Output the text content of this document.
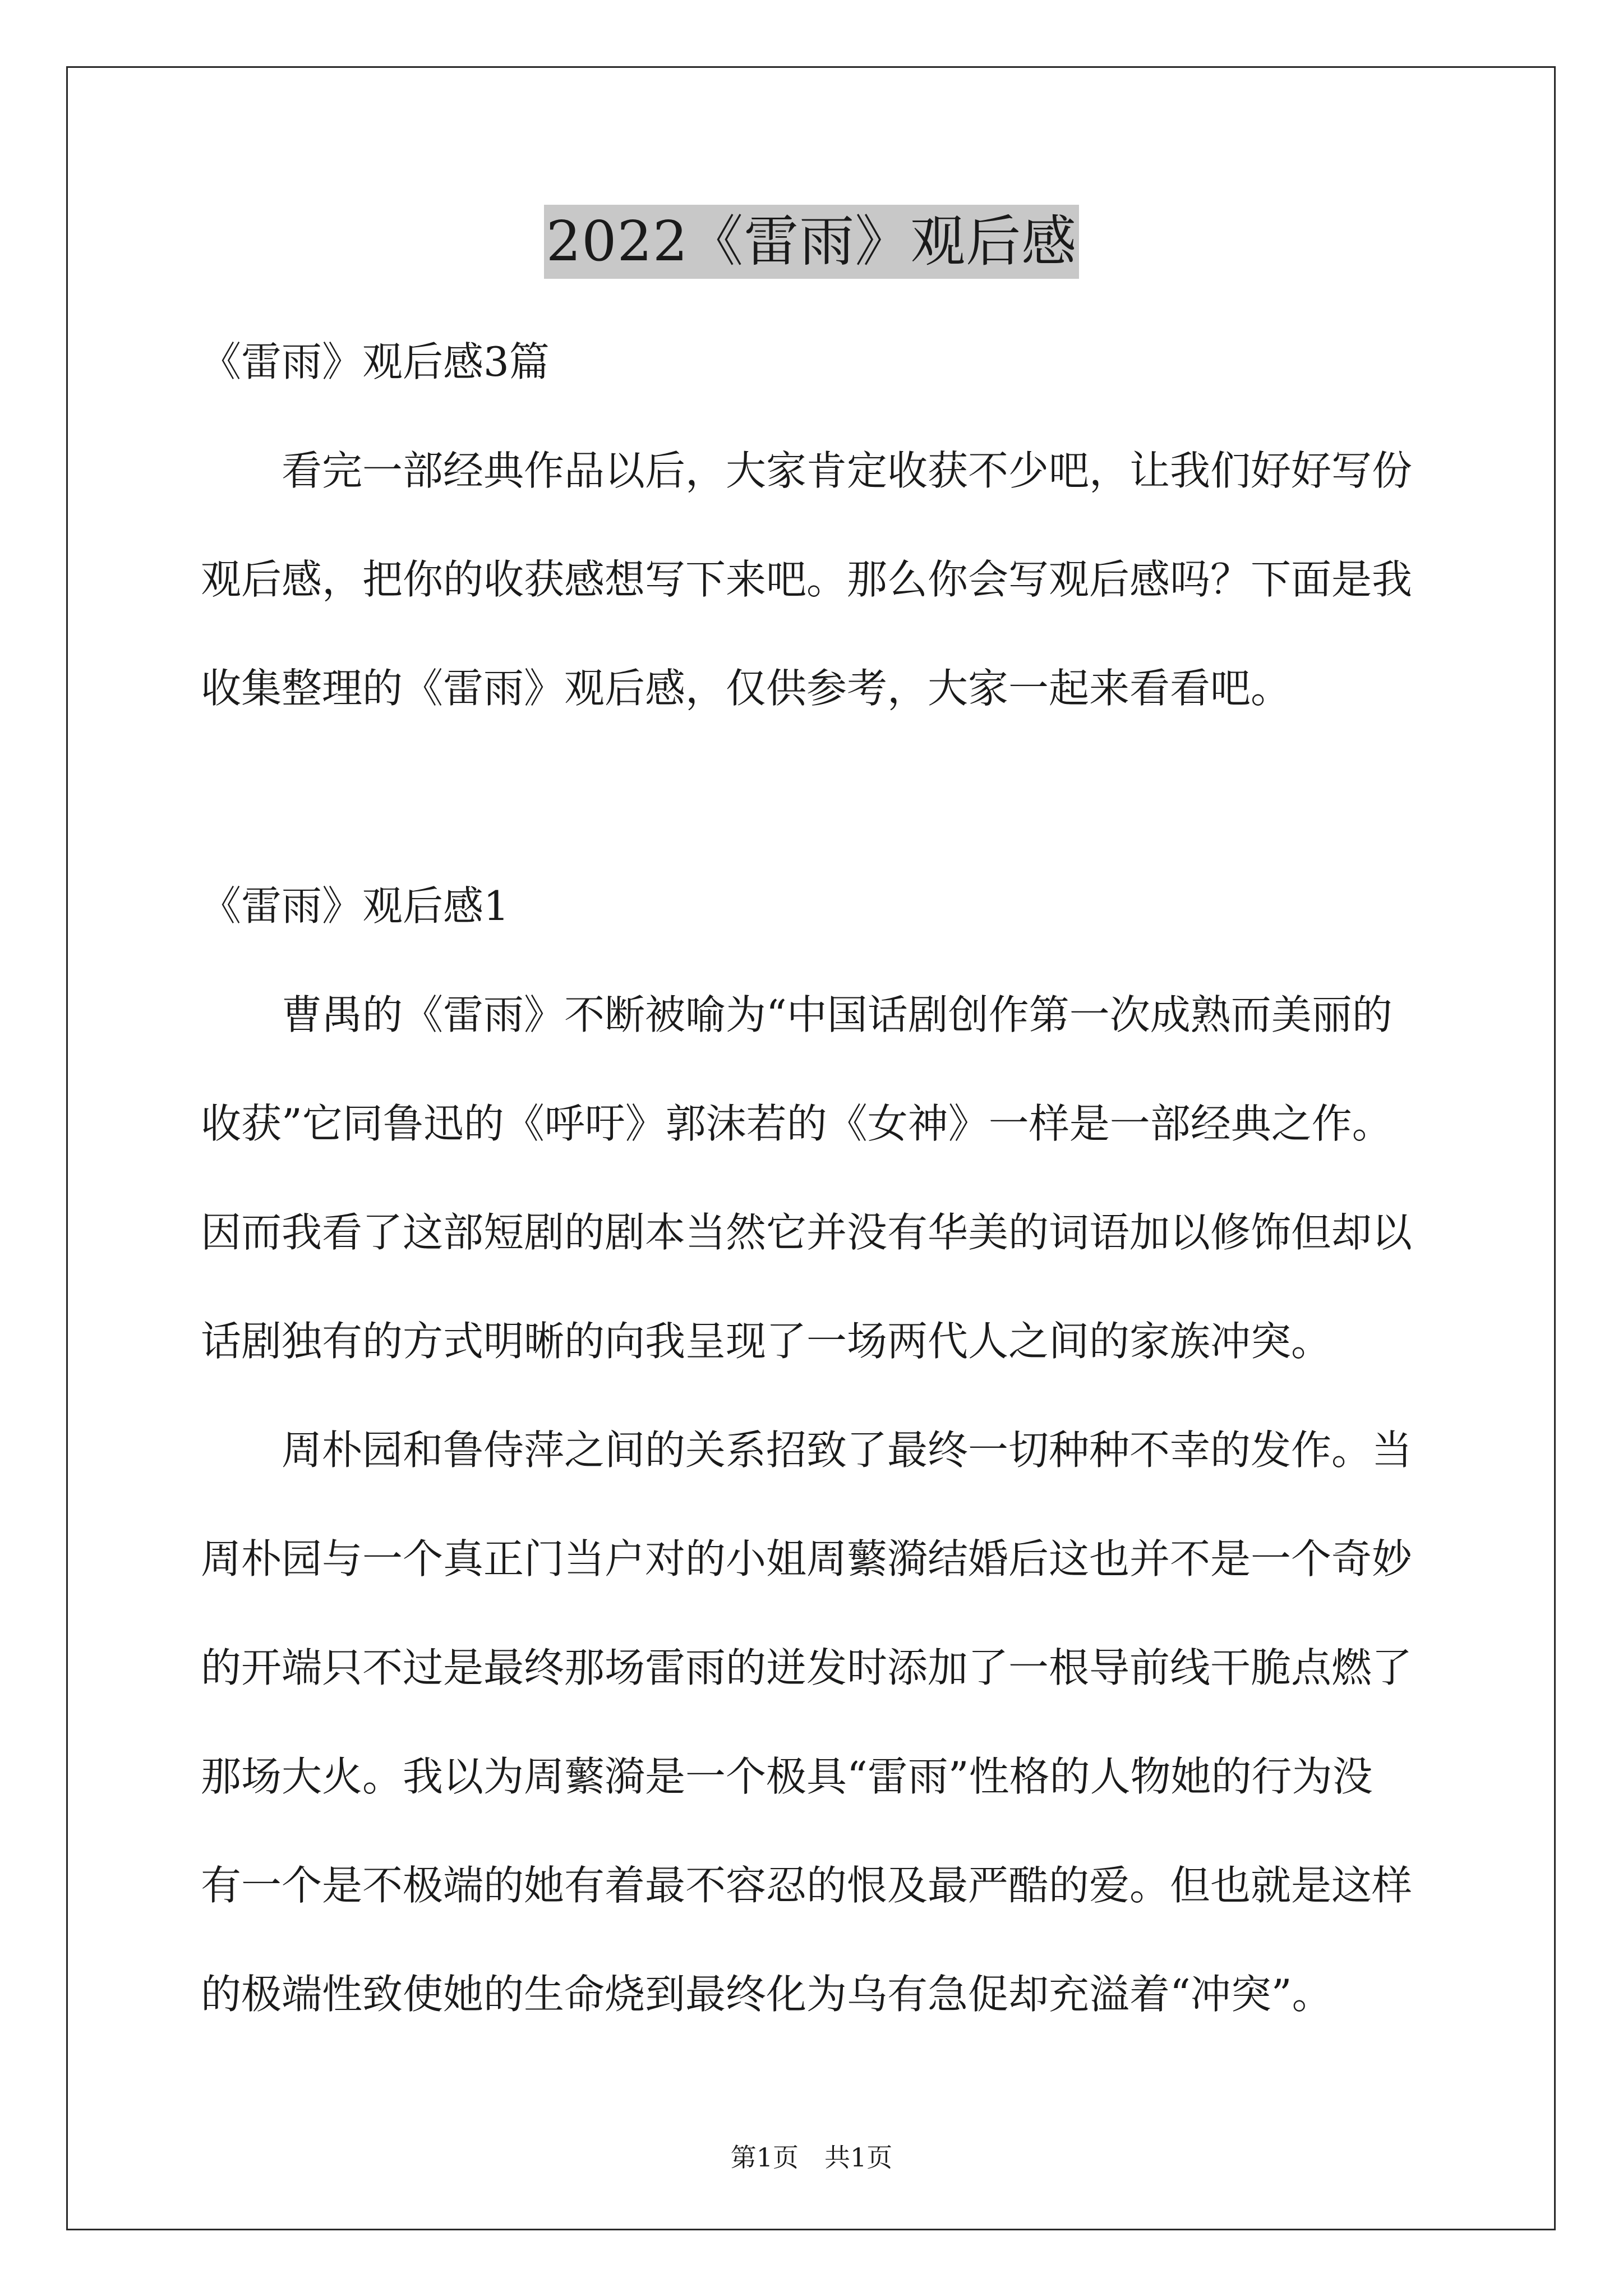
2022《雷雨》观后感

《雷雨》观后感3篇

看完一部经典作品以后，大家肯定收获不少吧，让我们好好写份

观后感，把你的收获感想写下来吧。那么你会写观后感吗？下面是我

收集整理的《雷雨》观后感，仅供参考，大家一起来看看吧。

《雷雨》观后感1

曹禺的《雷雨》不断被喻为“中国话剧创作第一次成熟而美丽的

收获”它同鲁迅的《呼吁》郭沫若的《女神》一样是一部经典之作。

因而我看了这部短剧的剧本当然它并没有华美的词语加以修饰但却以

话剧独有的方式明晰的向我呈现了一场两代人之间的家族冲突。

周朴园和鲁侍萍之间的关系招致了最终一切种种不幸的发作。当

周朴园与一个真正门当户对的小姐周蘩漪结婚后这也并不是一个奇妙

的开端只不过是最终那场雷雨的迸发时添加了一根导前线干脆点燃了

那场大火。我以为周蘩漪是一个极具“雷雨”性格的人物她的行为没

有一个是不极端的她有着最不容忍的恨及最严酷的爱。但也就是这样

的极端性致使她的生命烧到最终化为乌有急促却充溢着“冲突”。

第1页 共1页
